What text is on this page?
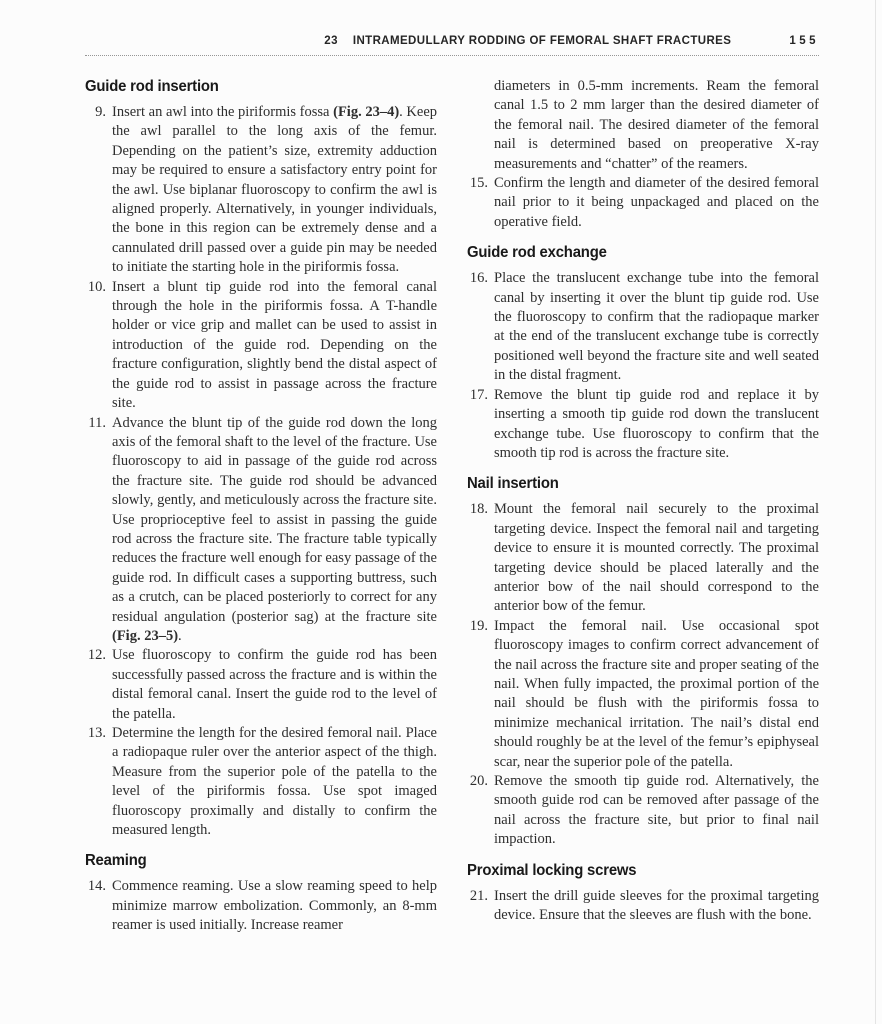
23 INTRAMEDULLARY RODDING OF FEMORAL SHAFT FRACTURES	155
Guide rod insertion
9. Insert an awl into the piriformis fossa (Fig. 23–4). Keep the awl parallel to the long axis of the femur. Depending on the patient’s size, extremity adduction may be required to ensure a satisfactory entry point for the awl. Use biplanar fluoroscopy to confirm the awl is aligned properly. Alternatively, in younger individuals, the bone in this region can be extremely dense and a cannulated drill passed over a guide pin may be needed to initiate the starting hole in the piriformis fossa.
10. Insert a blunt tip guide rod into the femoral canal through the hole in the piriformis fossa. A T-handle holder or vice grip and mallet can be used to assist in introduction of the guide rod. Depending on the fracture configuration, slightly bend the distal aspect of the guide rod to assist in passage across the fracture site.
11. Advance the blunt tip of the guide rod down the long axis of the femoral shaft to the level of the fracture. Use fluoroscopy to aid in passage of the guide rod across the fracture site. The guide rod should be advanced slowly, gently, and meticulously across the fracture site. Use proprioceptive feel to assist in passing the guide rod across the fracture site. The fracture table typically reduces the fracture well enough for easy passage of the guide rod. In difficult cases a supporting buttress, such as a crutch, can be placed posteriorly to correct for any residual angulation (posterior sag) at the fracture site (Fig. 23–5).
12. Use fluoroscopy to confirm the guide rod has been successfully passed across the fracture and is within the distal femoral canal. Insert the guide rod to the level of the patella.
13. Determine the length for the desired femoral nail. Place a radiopaque ruler over the anterior aspect of the thigh. Measure from the superior pole of the patella to the level of the piriformis fossa. Use spot imaged fluoroscopy proximally and distally to confirm the measured length.
Reaming
14. Commence reaming. Use a slow reaming speed to help minimize marrow embolization. Commonly, an 8-mm reamer is used initially. Increase reamer
diameters in 0.5-mm increments. Ream the femoral canal 1.5 to 2 mm larger than the desired diameter of the femoral nail. The desired diameter of the femoral nail is determined based on preoperative X-ray measurements and “chatter” of the reamers.
15. Confirm the length and diameter of the desired femoral nail prior to it being unpackaged and placed on the operative field.
Guide rod exchange
16. Place the translucent exchange tube into the femoral canal by inserting it over the blunt tip guide rod. Use the fluoroscopy to confirm that the radiopaque marker at the end of the translucent exchange tube is correctly positioned well beyond the fracture site and well seated in the distal fragment.
17. Remove the blunt tip guide rod and replace it by inserting a smooth tip guide rod down the translucent exchange tube. Use fluoroscopy to confirm that the smooth tip rod is across the fracture site.
Nail insertion
18. Mount the femoral nail securely to the proximal targeting device. Inspect the femoral nail and targeting device to ensure it is mounted correctly. The proximal targeting device should be placed laterally and the anterior bow of the nail should correspond to the anterior bow of the femur.
19. Impact the femoral nail. Use occasional spot fluoroscopy images to confirm correct advancement of the nail across the fracture site and proper seating of the nail. When fully impacted, the proximal portion of the nail should be flush with the piriformis fossa to minimize mechanical irritation. The nail’s distal end should roughly be at the level of the femur’s epiphyseal scar, near the superior pole of the patella.
20. Remove the smooth tip guide rod. Alternatively, the smooth guide rod can be removed after passage of the nail across the fracture site, but prior to final nail impaction.
Proximal locking screws
21. Insert the drill guide sleeves for the proximal targeting device. Ensure that the sleeves are flush with the bone.
